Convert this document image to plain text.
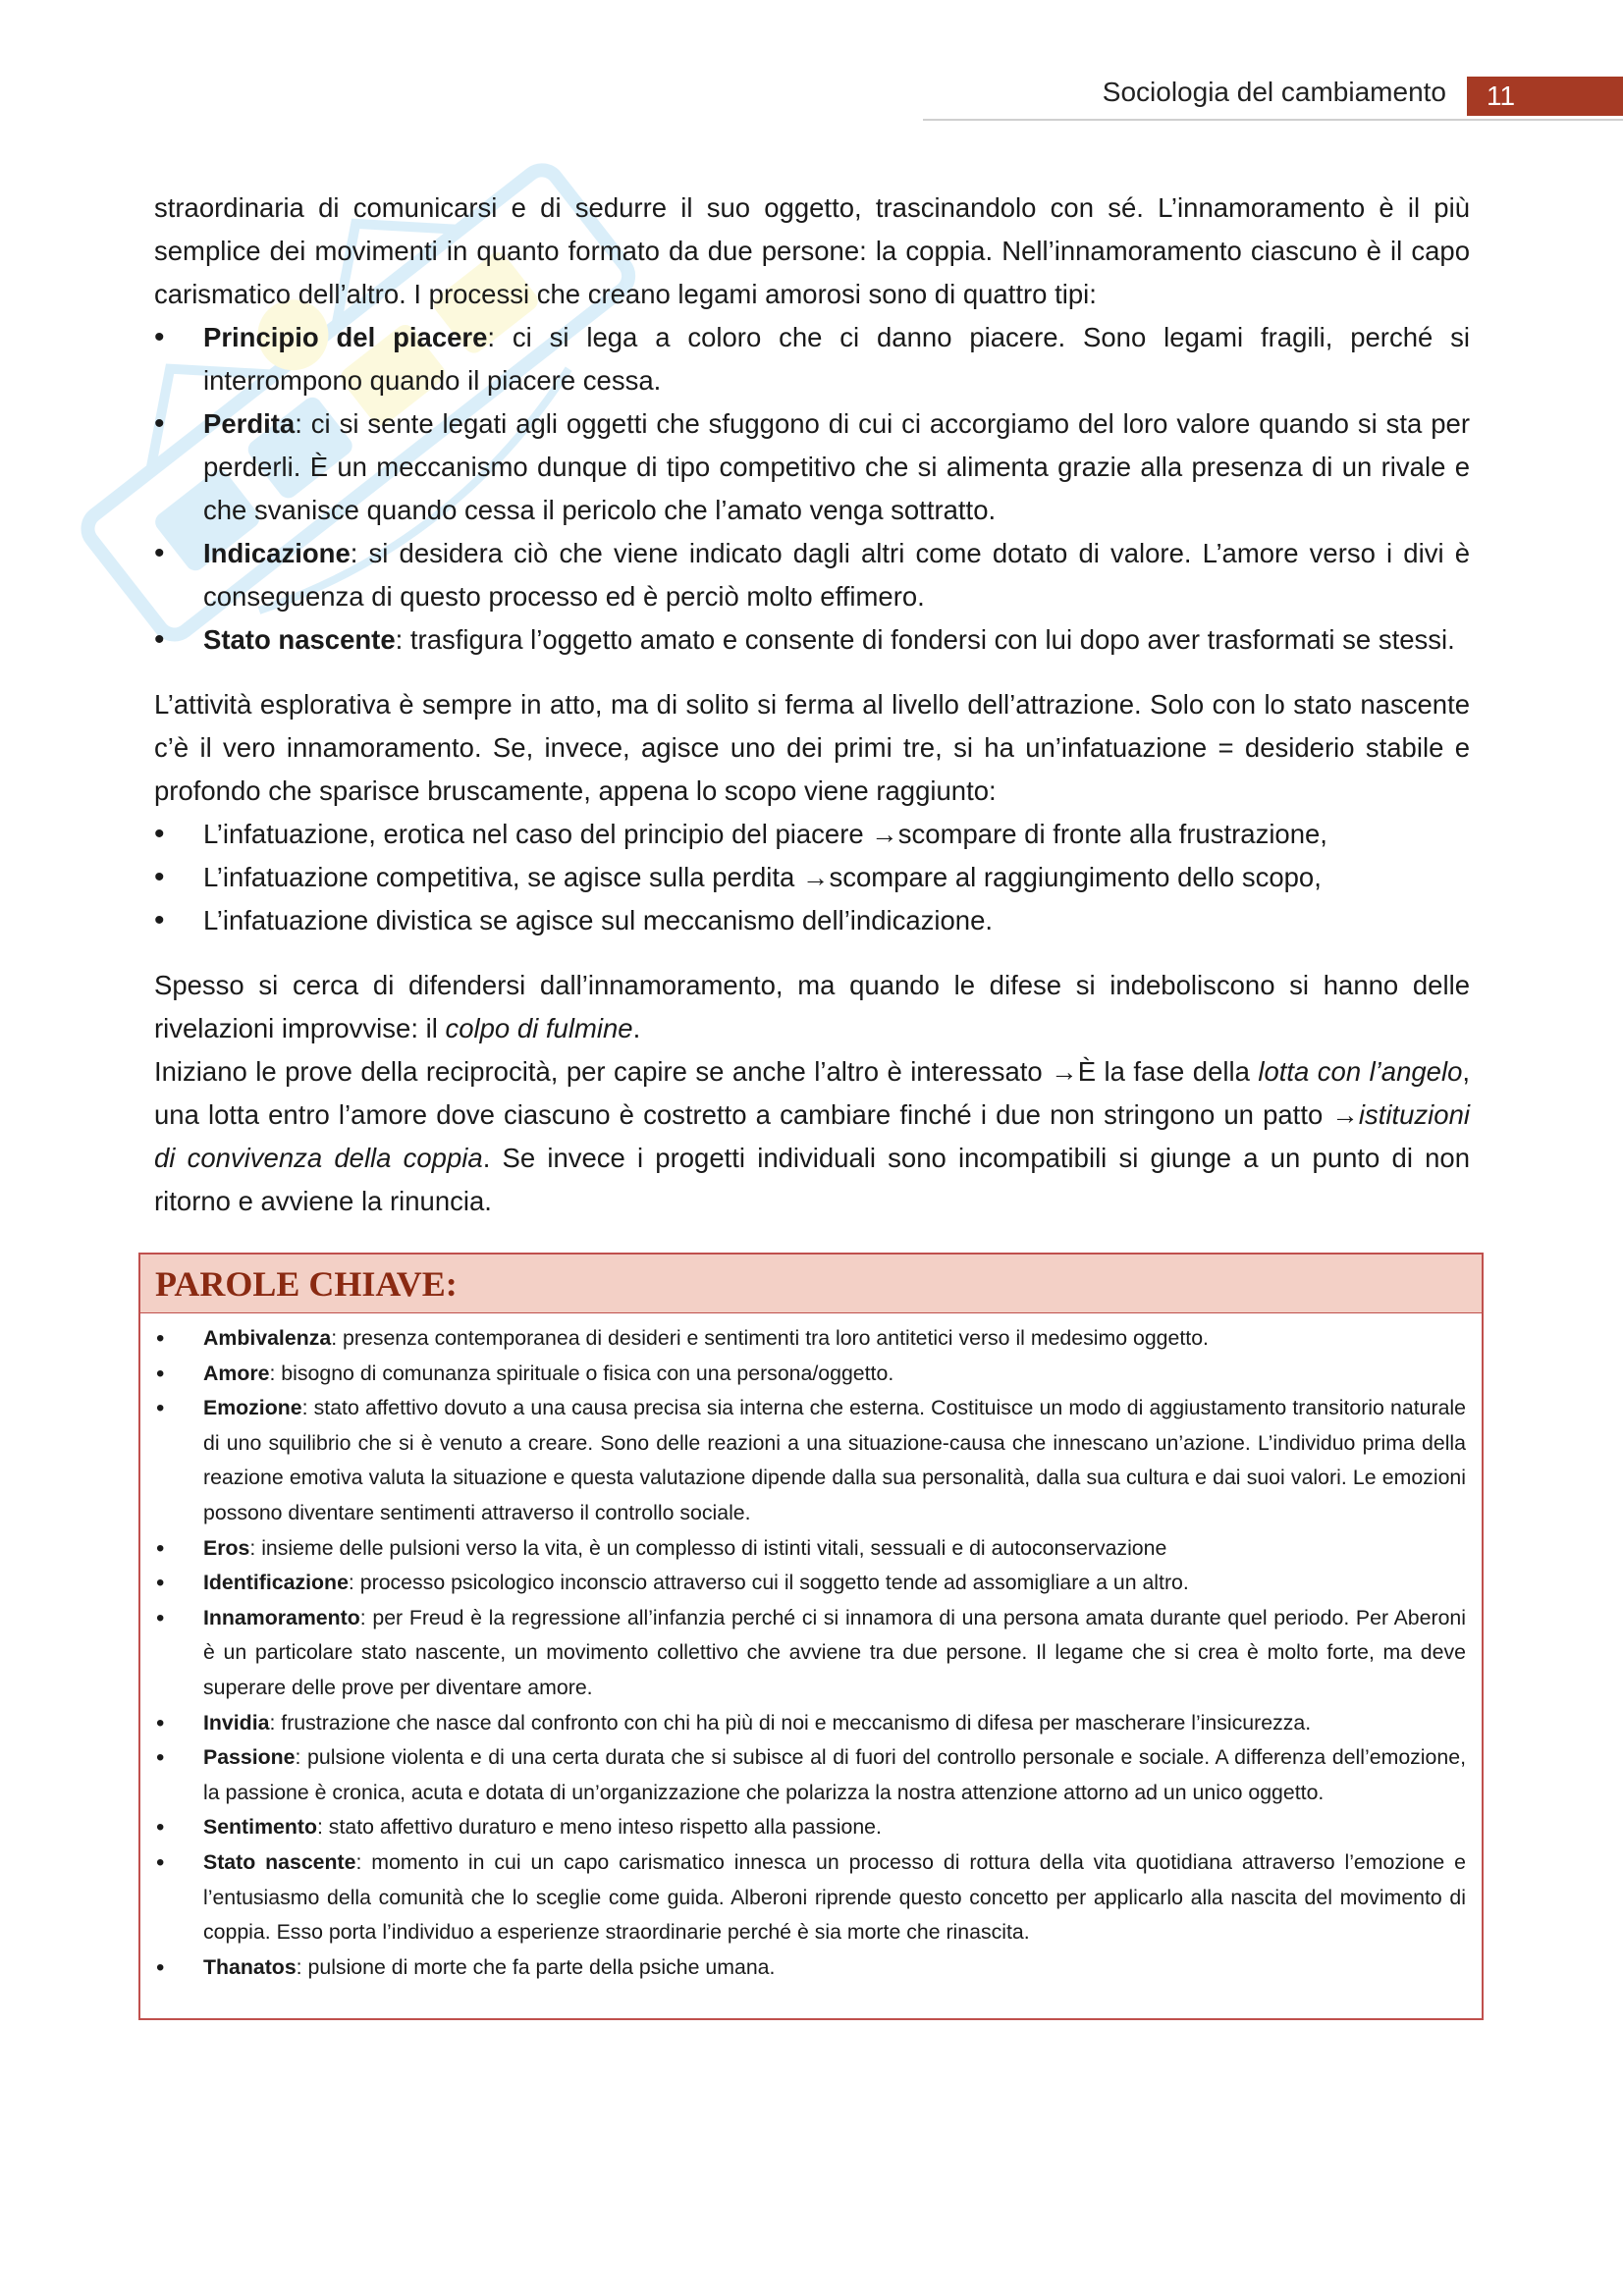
Sociologia del cambiamento	11

straordinaria di comunicarsi e di sedurre il suo oggetto, trascinandolo con sé. L’innamoramento è il più semplice dei movimenti in quanto formato da due persone: la coppia. Nell’innamoramento ciascuno è il capo carismatico dell’altro. I processi che creano legami amorosi sono di quattro tipi:

• Principio del piacere: ci si lega a coloro che ci danno piacere. Sono legami fragili, perché si interrompono quando il piacere cessa.
• Perdita: ci si sente legati agli oggetti che sfuggono di cui ci accorgiamo del loro valore quando si sta per perderli. È un meccanismo dunque di tipo competitivo che si alimenta grazie alla presenza di un rivale e che svanisce quando cessa il pericolo che l’amato venga sottratto.
• Indicazione: si desidera ciò che viene indicato dagli altri come dotato di valore. L’amore verso i divi è conseguenza di questo processo ed è perciò molto effimero.
• Stato nascente: trasfigura l’oggetto amato e consente di fondersi con lui dopo aver trasformati se stessi.

L’attività esplorativa è sempre in atto, ma di solito si ferma al livello dell’attrazione. Solo con lo stato nascente c’è il vero innamoramento. Se, invece, agisce uno dei primi tre, si ha un’infatuazione = desiderio stabile e profondo che sparisce bruscamente, appena lo scopo viene raggiunto:

• L’infatuazione, erotica nel caso del principio del piacere →scompare di fronte alla frustrazione,
• L’infatuazione competitiva, se agisce sulla perdita →scompare al raggiungimento dello scopo,
• L’infatuazione divistica se agisce sul meccanismo dell’indicazione.

Spesso si cerca di difendersi dall’innamoramento, ma quando le difese si indeboliscono si hanno delle rivelazioni improvvise: il colpo di fulmine.

Iniziano le prove della reciprocità, per capire se anche l’altro è interessato →È la fase della lotta con l’angelo, una lotta entro l’amore dove ciascuno è costretto a cambiare finché i due non stringono un patto →istituzioni di convivenza della coppia. Se invece i progetti individuali sono incompatibili si giunge a un punto di non ritorno e avviene la rinuncia.

PAROLE CHIAVE:
• Ambivalenza: presenza contemporanea di desideri e sentimenti tra loro antitetici verso il medesimo oggetto.
• Amore: bisogno di comunanza spirituale o fisica con una persona/oggetto.
• Emozione: stato affettivo dovuto a una causa precisa sia interna che esterna. Costituisce un modo di aggiustamento transitorio naturale di uno squilibrio che si è venuto a creare. Sono delle reazioni a una situazione-causa che innescano un’azione. L’individuo prima della reazione emotiva valuta la situazione e questa valutazione dipende dalla sua personalità, dalla sua cultura e dai suoi valori. Le emozioni possono diventare sentimenti attraverso il controllo sociale.
• Eros: insieme delle pulsioni verso la vita, è un complesso di istinti vitali, sessuali e di autoconservazione
• Identificazione: processo psicologico inconscio attraverso cui il soggetto tende ad assomigliare a un altro.
• Innamoramento: per Freud è la regressione all’infanzia perché ci si innamora di una persona amata durante quel periodo. Per Aberoni è un particolare stato nascente, un movimento collettivo che avviene tra due persone. Il legame che si crea è molto forte, ma deve superare delle prove per diventare amore.
• Invidia: frustrazione che nasce dal confronto con chi ha più di noi e meccanismo di difesa per mascherare l’insicurezza.
• Passione: pulsione violenta e di una certa durata che si subisce al di fuori del controllo personale e sociale. A differenza dell’emozione, la passione è cronica, acuta e dotata di un’organizzazione che polarizza la nostra attenzione attorno ad un unico oggetto.
• Sentimento: stato affettivo duraturo e meno inteso rispetto alla passione.
• Stato nascente: momento in cui un capo carismatico innesca un processo di rottura della vita quotidiana attraverso l’emozione e l’entusiasmo della comunità che lo sceglie come guida. Alberoni riprende questo concetto per applicarlo alla nascita del movimento di coppia. Esso porta l’individuo a esperienze straordinarie perché è sia morte che rinascita.
• Thanatos: pulsione di morte che fa parte della psiche umana.
